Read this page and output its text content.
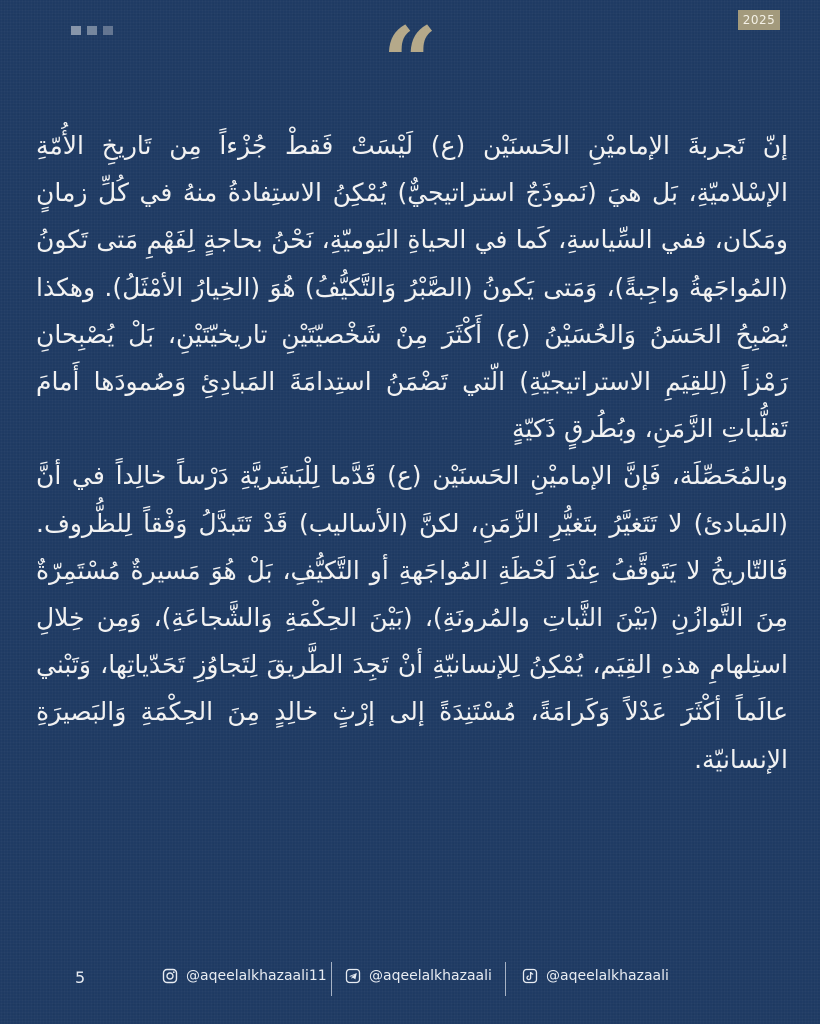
2025
“

إنّ تَجربةَ الإماميْنِ الحَسنَيْن (ع) لَيْسَتْ فَقطْ جُزْءاً مِن تَاريخِ الأُمّةِ الإسْلاميّةِ، بَل هيَ (نَموذَجٌ استراتيجيٌّ) يُمْكِنُ الاستِفادةُ منهُ في كُلِّ زمانٍ ومَكان، ففي السِّياسةِ، كَما في الحياةِ اليَوميّةِ، نَحْنُ بحاجةٍ لِفَهْمِ مَتى تَكونُ (المُواجَهةُ واجِبةً)، وَمَتى يَكونُ (الصَّبْرُ وَالتَّكيُّفُ) هُوَ (الخِيارُ الأمْثَلُ). وهكذا يُصْبِحُ الحَسَنُ وَالحُسَيْنُ (ع) أَكْثَرَ مِنْ شَخْصيّتَيْنِ تاريخيّتَيْنِ، بَلْ يُصْبِحانِ رَمْزاً (لِلقِيَمِ الاستراتيجيّةِ) الّتي تَضْمَنُ استِدامَةَ المَبادِئِ وَصُمودَها أَمامَ تَقلُّباتِ الزَّمَنِ، وبُطُرقٍ ذَكيّةٍ

وبالمُحَصِّلَة، فَإنَّ الإماميْنِ الحَسنَيْن (ع) قَدَّما لِلْبَشَريَّةِ دَرْساً خالِداً في أنَّ (المَبادئ) لا تَتَغيَّرُ بتَغيُّرِ الزَّمَنِ، لكنَّ (الأساليب) قَدْ تَتَبدَّلُ وَفْقاً لِلظُّروف. فَالتّاريخُ لا يَتَوقَّفُ عِنْدَ لَحْظَةِ المُواجَهةِ أو التَّكيُّفِ، بَلْ هُوَ مَسيرةٌ مُسْتَمِرّةٌ مِنَ التَّوازُنِ (بَيْنَ الثَّباتِ والمُرونَةِ)، (بَيْنَ الحِكْمَةِ وَالشَّجاعَةِ)، وَمِن خِلالِ استِلهامِ هذهِ القِيَم، يُمْكِنُ لِلإنسانيّةِ أنْ تَجِدَ الطَّريقَ لِتَجاوُزِ تَحَدّياتِها، وَتَبْني عالَماً أكْثَرَ عَدْلاً وَكَرامَةً، مُسْتَنِدَةً إلى إرْثٍ خالِدٍ مِنَ الحِكْمَةِ وَالبَصيرَةِ الإنسانيّة.

5	@aqeelalkhazaali11	@aqeelalkhazaali	@aqeelalkhazaali
